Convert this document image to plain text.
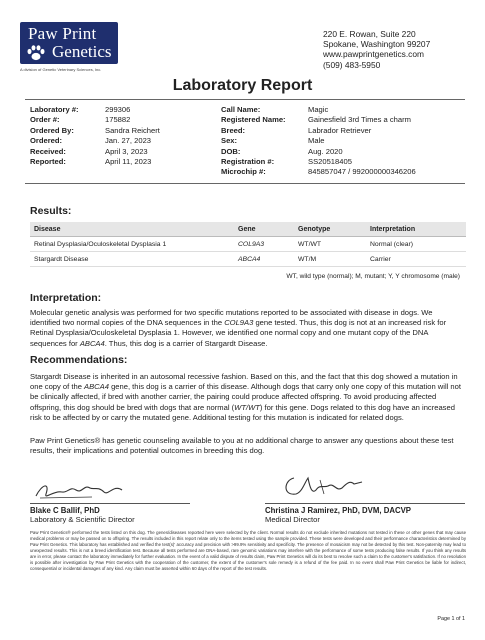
Paw Print
Genetics
A division of Genetic Veterinary Sciences, Inc.
220 E. Rowan, Suite 220
Spokane, Washington 99207
www.pawprintgenetics.com
(509) 483-5950
Laboratory Report
Laboratory #:	299306
Order #:	175882
Ordered By:	Sandra Reichert
Ordered:	Jan. 27, 2023
Received:	April 3, 2023
Reported:	April 11, 2023
Call Name:	Magic
Registered Name:	Gainesfield 3rd Times a charm
Breed:	Labrador Retriever
Sex:	Male
DOB:	Aug. 2020
Registration #:	SS20518405
Microchip #:	845857047 / 992000000346206
Results:
Disease	Gene	Genotype	Interpretation
Retinal Dysplasia/Oculoskeletal Dysplasia 1	COL9A3	WT/WT	Normal (clear)
Stargardt Disease	ABCA4	WT/M	Carrier
WT, wild type (normal); M, mutant; Y, Y chromosome (male)
Interpretation:
Molecular genetic analysis was performed for two specific mutations reported to be associated with disease in dogs. We identified two normal copies of the DNA sequences in the COL9A3 gene tested. Thus, this dog is not at an increased risk for Retinal Dysplasia/Oculoskeletal Dysplasia 1. However, we identified one normal copy and one mutant copy of the DNA sequences for ABCA4. Thus, this dog is a carrier of Stargardt Disease.
Recommendations:
Stargardt Disease is inherited in an autosomal recessive fashion. Based on this, and the fact that this dog showed a mutation in one copy of the ABCA4 gene, this dog is a carrier of this disease. Although dogs that carry only one copy of this mutation will not be clinically affected, if bred with another carrier, the pairing could produce affected offspring. To avoid producing affected offspring, this dog should be bred with dogs that are normal (WT/WT) for this gene. Dogs related to this dog have an increased risk to be affected by or carry the mutated gene. Additional testing for this mutation is indicated for related dogs.
Paw Print Genetics® has genetic counseling available to you at no additional charge to answer any questions about these test results, their implications and potential outcomes in breeding this dog.
Blake C Ballif, PhD
Laboratory & Scientific Director
Christina J Ramirez, PhD, DVM, DACVP
Medical Director
Paw Print Genetics® performed the tests listed on this dog. The genes/diseases reported here were selected by the client. Normal results do not exclude inherited mutations not tested in these or other genes that may cause medical problems or may be passed on to offspring. The results included in this report relate only to the items tested using the sample provided. These tests were developed and their performance characteristics determined by Paw Print Genetics. This laboratory has established and verified the test(s)' accuracy and precision with >99.9% sensitivity and specificity. The presence of mosaicism may not be detected by this test. Non-paternity may lead to unexpected results. This is not a breed identification test. Because all tests performed are DNA-based, rare genomic variations may interfere with the performance of some tests producing false results. If you think any results are in error, please contact the laboratory immediately for further evaluation. In the event of a valid dispute of results claim, Paw Print Genetics will do its best to resolve such a claim to the customer's satisfaction. If no resolution is possible after investigation by Paw Print Genetics with the cooperation of the customer, the extent of the customer's sole remedy is a refund of the fee paid. In no event shall Paw Print Genetics be liable for indirect, consequential or incidental damages of any kind. Any claim must be asserted within 60 days of the report of the test results.
Page 1 of 1
